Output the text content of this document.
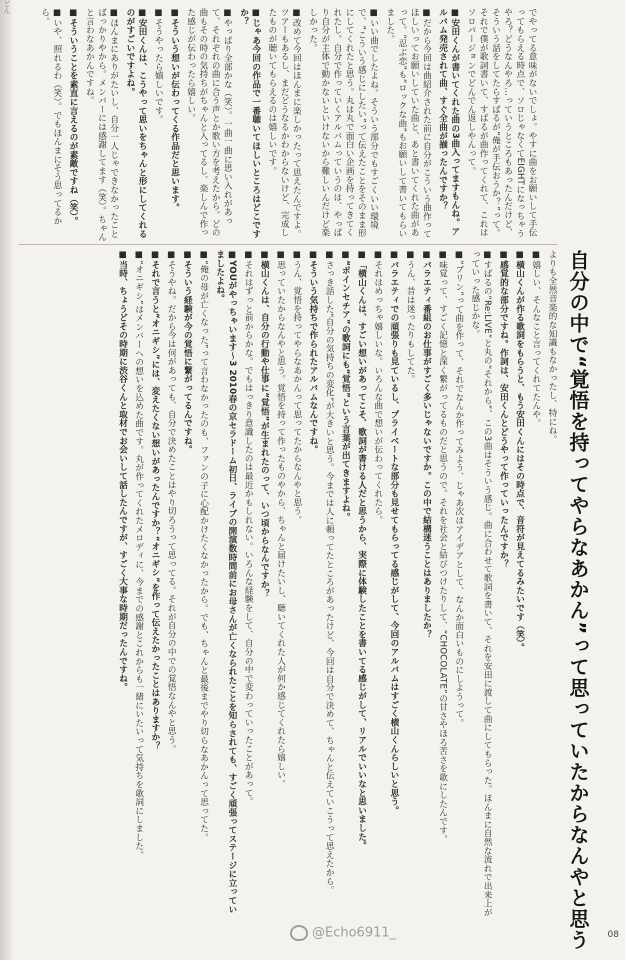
どん
自分の中で“覚悟を持ってやらなあかん”って思っていたからなんやと思う

でやってる意味がないでしょ。やすに曲をお願いして手伝ってもらえる時点で、ソロじゃなくてEIGHTになっちゃうやろ？どうなんやろ…っていうところもあったんだけど、そういう話をしてたらすばるが“俺が手伝おうか？”って。それで僕が歌詞書いて、すばるが曲作ってくれて、これはソロパージョンでどんでん返しやんって。

■安田くんが書いてくれた曲の3曲入ってますもんね。アルバム発売されて曲、すぐ全曲が揃ったんですか？

■だから今回は曲紹介された前に自分がこういう曲作ってほしいってお願いしていた曲と、あと書いてくれた曲があって。“忍ぶ恋”も“ロックな曲”もお願いして書いてもらいました。

■いい曲でしたよね。そういう部分でもすごくいい環境で、“こういう感じにしたい”って伝えたことをそのまま形にしてくれたと思う。丸は丸で面白い企画を持ってきてくれたし。自分で作っていくアルバムっていうのは、やっぱり自分が主体で動かないといけないから難しいんだけど楽しかった。

■改めて今回はほんまに楽しかったって思えたんですよ。ツアーもあるし、まだどうなるかわからないけど、完成したものが聴いてもらえるのは嬉しいです。

■じゃあ今回の作品で一番聴いてほしいところはどこですか？

■やっぱり全部かな（笑）。一曲一曲に思い入れがあって、それぞれの曲に合う声とか歌い方を考えたから。どの曲もその時の気持ちがちゃんと入ってるし、楽しんで作った感じが伝わったら嬉しい。

■そういう想いが伝わってくる作品だと思います。

■そうやったら嬉しいです。

■安田くんは、こうやって思いをちゃんと形にしてくれるのがすごいですよね。

■ほんまにありがたいし、自分一人じゃできなかったことばっかりやから。メンバーには感謝してます（笑）。ちゃんと言わなあかんですね。

■そういうことを素直に言えるのが素敵ですね（笑）。

■いや、照れるわ（笑）。でもほんまにそう思ってるから。

よりも全然音楽的な知識もなかったし、特にね。

■嬉しい、そんなこと言ってくれてたんや。

■横山くんが作る歌詞をもらうと、もう安田くんにはその時点で、音符が見えてるみたいです（笑）。

■感覚的な部分ですね。作詞は、安田くんとどうやって作っていったんですか？

■すばるの“Re:LIVE”と丸の“それから”、この3曲はそういう感じ。曲に合わせて歌詞を書いて、それを安田に渡して曲にしてもらった。ほんまに自然な流れで出来上がっていった感じかな。

■“ブリン”って曲を作って、それでなんか作ってみよう、じゃあ次はアイデアとして、なんか面白いものにしようって。

■味覚って、すごく記憶と深く繋がってるものだと思うので。それを社会と結びつけたりして、“CHOCOLATE”の甘さやほろ苦さを歌にしたんです。

■バラエティ番組のお仕事がすごく多いじゃないですか。この中で結構迷うことはありましたか？

■うん、昔は迷ったりもしてた。

■バラエティでの頑張りも見ているし、プライベートな部分も見せてもらってる感じがして、今回のアルバムはすごく横山くんらしいと思う。

■それはめっちゃ嬉しいな。いろんな曲で想いが伝わってくれたら。

■「横山くんは、すごい想いがあってこそ、歌詞が書ける人だと思うから、実際に体験したことを書いてる感じがして、リアルでいいなと思いました。

■“ポインセチア”の歌詞にも“覚悟”という言葉が出てきますよね。

■さっき話した“自分の気持ちの変化”が大きいと思う。今までは人に頼ってたところがあったけど、今回は自分で決めて、ちゃんと伝えていこうって思えたから。

■そういう気持ちで作られたアルバムなんですね。

■うん、覚悟を持ってやらなあかんって思ってたからなんやと思う。

■思っていたからなんやと思う。覚悟を持って作ったものやから、ちゃんと届けたいし、聴いてくれた人が何か感じてくれたら嬉しい。

■横山くんは、自分の行動や仕事に“覚悟”が生まれたのって、いつ頃からなんですか？

■それはずっと前からかな。でもはっきり意識したのは最近かもしれない。いろんな経験をして、自分の中で変わっていったことがあって。

■YOUがやっちゃいます～3 2010春の京セラドーム初日、ライブの開演数時間前にお母さんが亡くなられたことを知らされても、すごく頑張ってステージに立っていましたよね。

■“俺の母が亡くなった”って言わなかったのも、ファンの子に心配かけたくなかったから。でも、ちゃんと最後までやり切らなあかんって思ってた。

■そういう経験が今の覚悟に繋がってるんですね。

■そうやね。だから今は何があっても、自分で決めたことはやり切ろうって思ってる。それが自分の中での覚悟なんやと思う。

■それで言うと“オニギシ”には、変えたくない想いがあったんですか？“オニギシ”を作って伝えたかったことはありますか？

■“オニギシ”はメンバーへの想いを込めた曲です。丸が作ってくれたメロディに、今までの感謝とこれからも一緒にいたいって気持ちを歌詞にしました。

■当時、ちょうどその時期に渋谷くんと取材でお会いして話したんですが、すごく大事な時期だったんですね。

@Echo6911_	08
